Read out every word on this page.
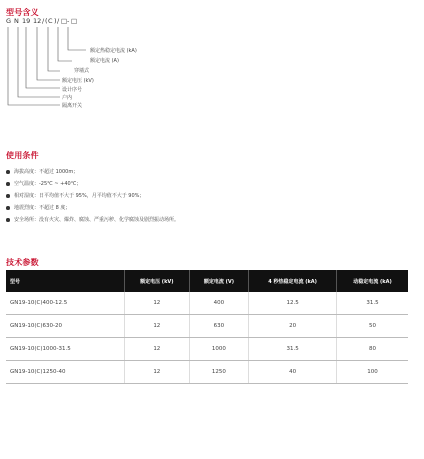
型号含义
G N 19 12 / ( C ) / □ - □
额定热稳定电流 (kA)
额定电流 (A)
穿墙式
额定电压 (kV)
设计序号
户内
隔离开关
使用条件
海拔高度：不超过 1000m；
空气温度：-25℃ ~ +40℃；
相对湿度：日平均值不大于 95%，月平均值不大于 90%；
地震烈度：不超过 8 度；
安全场所：没有火灾、爆炸、腐蚀、严重污秽、化学腐蚀及剧烈振动场所。
技术参数
型号	额定电压 (kV)	额定电流 (V)	4 秒热稳定电流 (kA)	动稳定电流 (kA)
GN19-10(C)400-12.5	12	400	12.5	31.5
GN19-10(C)630-20	12	630	20	50
GN19-10(C)1000-31.5	12	1000	31.5	80
GN19-10(C)1250-40	12	1250	40	100
